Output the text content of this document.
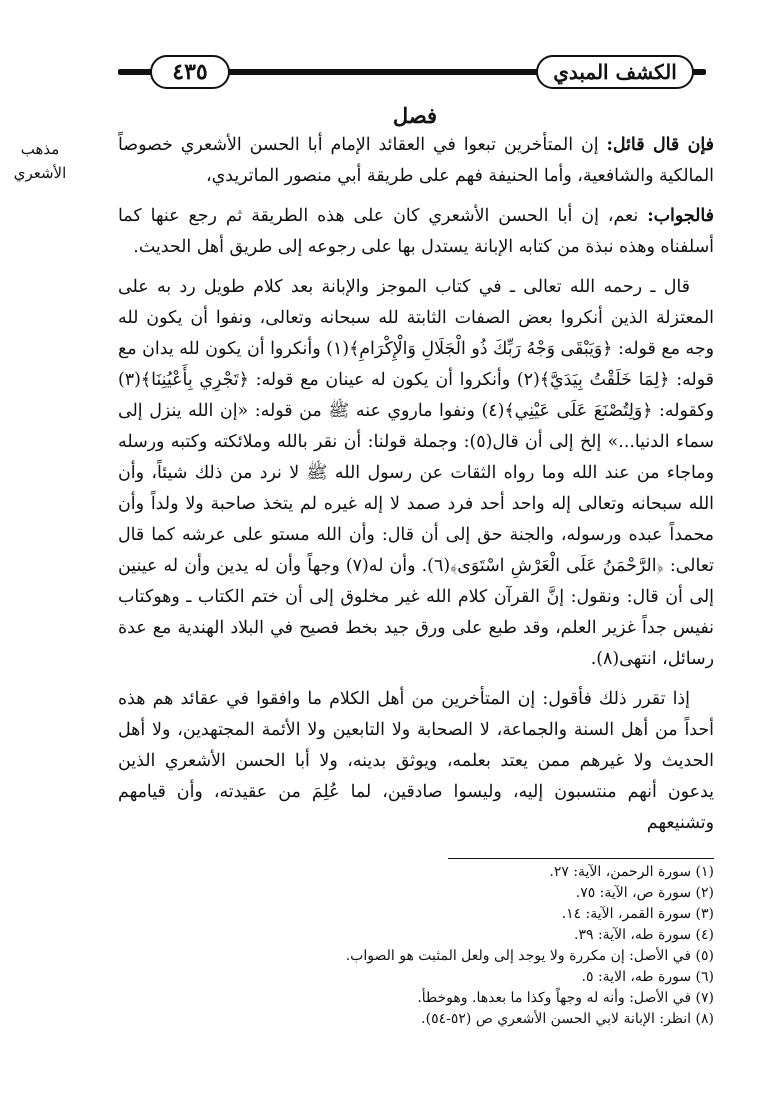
٤٣٥	الكشف المبدي
فصل
مذهب
الأشعري

فإن قال قائل: إن المتأخرين تبعوا في العقائد الإمام أبا الحسن الأشعري خصوصاً المالكية والشافعية، وأما الحنيفة فهم على طريقة أبي منصور الماتريدي،

فالجواب: نعم، إن أبا الحسن الأشعري كان على هذه الطريقة ثم رجع عنها كما أسلفناه وهذه نبذة من كتابه الإبانة يستدل بها على رجوعه إلى طريق أهل الحديث.

قال ـ رحمه الله تعالى ـ في كتاب الموجز والإبانة بعد كلام طويل رد به على المعتزلة الذين أنكروا بعض الصفات الثابتة لله سبحانه وتعالى، ونفوا أن يكون لله وجه مع قوله: ﴿وَيَبْقَى وَجْهُ رَبِّكَ ذُو الْجَلَالِ وَالْإِكْرَامِ﴾(١) وأنكروا أن يكون لله يدان مع قوله: ﴿لِمَا خَلَقْتُ بِيَدَيَّ﴾(٢) وأنكروا أن يكون له عينان مع قوله: ﴿تَجْرِي بِأَعْيُنِنَا﴾(٣) وكقوله: ﴿وَلِتُصْنَعَ عَلَى عَيْنِي﴾(٤) ونفوا ماروي عنه ﷺ من قوله: «إن الله ينزل إلى سماء الدنيا...» إلخ إلى أن قال(٥): وجملة قولنا: أن نقر بالله وملائكته وكتبه ورسله وماجاء من عند الله وما رواه الثقات عن رسول الله ﷺ لا نرد من ذلك شيئاً، وأن الله سبحانه وتعالى إله واحد أحد فرد صمد لا إله غيره لم يتخذ صاحبة ولا ولداً وأن محمداً عبده ورسوله، والجنة حق إلى أن قال: وأن الله مستو على عرشه كما قال تعالى: ﴿الرَّحْمَنُ عَلَى الْعَرْشِ اسْتَوَى﴾(٦). وأن له(٧) وجهاً وأن له يدين وأن له عينين إلى أن قال: ونقول: إنَّ القرآن كلام الله غير مخلوق إلى أن ختم الكتاب ـ وهوكتاب نفيس جداً غزير العلم، وقد طبع على ورق جيد بخط فصيح في البلاد الهندية مع عدة رسائل، انتهى(٨).

إذا تقرر ذلك فأقول: إن المتأخرين من أهل الكلام ما وافقوا في عقائد هم هذه أحداً من أهل السنة والجماعة، لا الصحابة ولا التابعين ولا الأئمة المجتهدين، ولا أهل الحديث ولا غيرهم ممن يعتد بعلمه، ويوثق بدينه، ولا أبا الحسن الأشعري الذين يدعون أنهم منتسبون إليه، وليسوا صادقين، لما عُلِمَ من عقيدته، وأن قيامهم وتشنيعهم

(١) سورة الرحمن، الآية: ٢٧.
(٢) سورة ص، الآية: ٧٥.
(٣) سورة القمر، الآية: ١٤.
(٤) سورة طه، الآية: ٣٩.
(٥) في الأصل: إن مكررة ولا يوجد إلى ولعل المثبت هو الصواب.
(٦) سورة طه، الاية: ٥.
(٧) في الأصل: وأنه له وجهاً وكذا ما بعدها. وهوخطأ.
(٨) انظر: الإبانة لابي الحسن الأشعري ص (٥٢-٥٤).
